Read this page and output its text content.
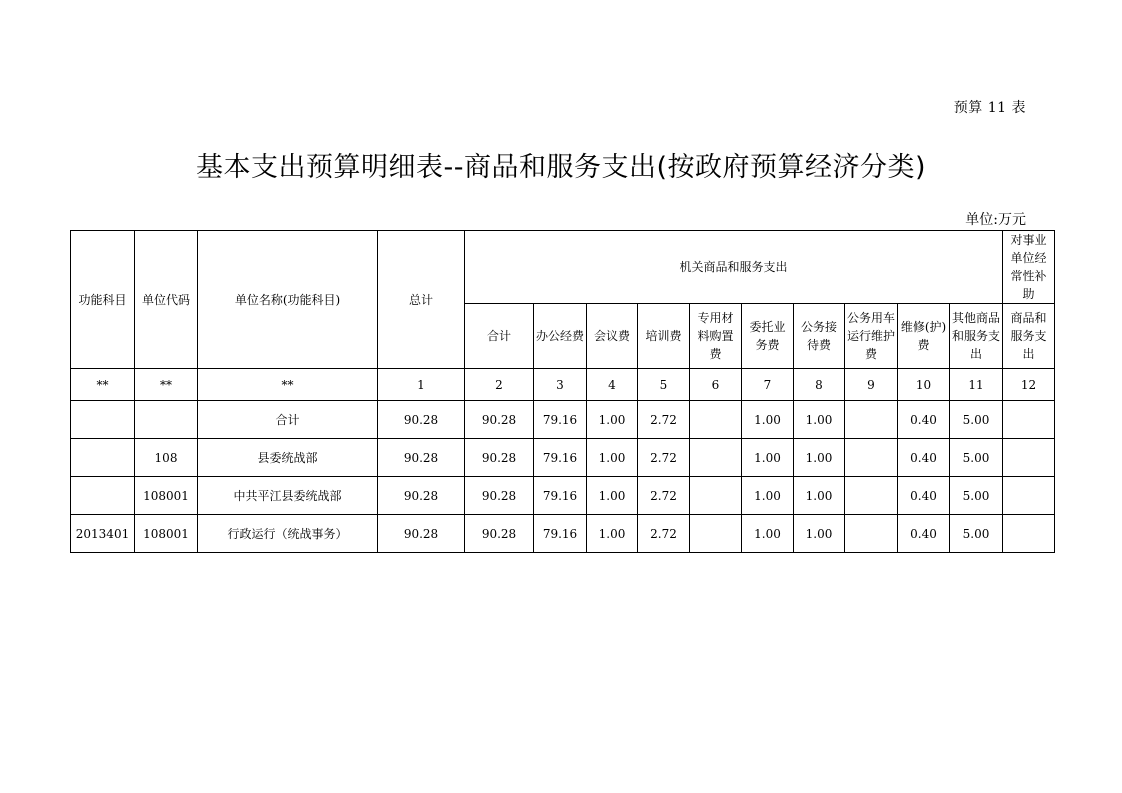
预算 11 表
基本支出预算明细表--商品和服务支出(按政府预算经济分类)
单位:万元
功能科目	单位代码	单位名称(功能科目)	总计	机关商品和服务支出										对事业单位经常性补助
				合计	办公经费	会议费	培训费	专用材料购置费	委托业务费	公务接待费	公务用车运行维护费	维修(护)费	其他商品和服务支出	商品和服务支出
**	**	**	1	2	3	4	5	6	7	8	9	10	11	12
		合计	90.28	90.28	79.16	1.00	2.72		1.00	1.00		0.40	5.00	
	108	县委统战部	90.28	90.28	79.16	1.00	2.72		1.00	1.00		0.40	5.00	
	108001	中共平江县委统战部	90.28	90.28	79.16	1.00	2.72		1.00	1.00		0.40	5.00	
2013401	108001	行政运行（统战事务）	90.28	90.28	79.16	1.00	2.72		1.00	1.00		0.40	5.00	
